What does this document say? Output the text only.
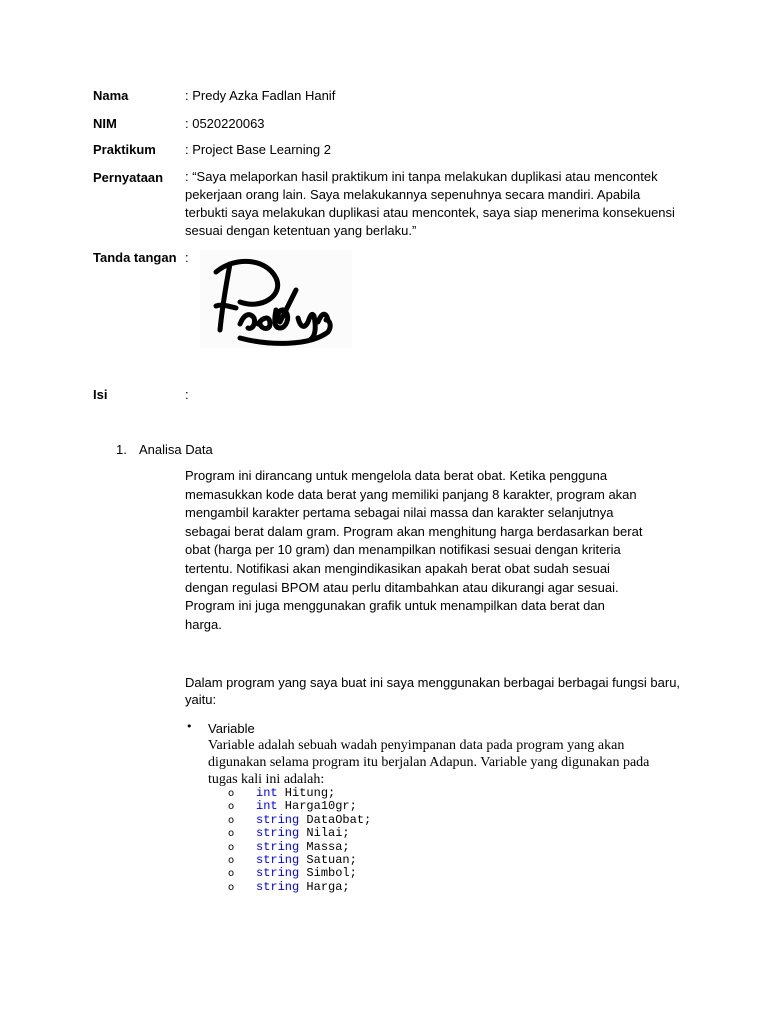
Nama	: Predy Azka Fadlan Hanif
NIM	: 0520220063
Praktikum : Project Base Learning 2
Pernyataan : “Saya melaporkan hasil praktikum ini tanpa melakukan duplikasi atau mencontek
pekerjaan orang lain. Saya melakukannya sepenuhnya secara mandiri. Apabila
terbukti saya melakukan duplikasi atau mencontek, saya siap menerima konsekuensi
sesuai dengan ketentuan yang berlaku.”
Tanda tangan :
Isi	:
1. Analisa Data
Program ini dirancang untuk mengelola data berat obat. Ketika pengguna
memasukkan kode data berat yang memiliki panjang 8 karakter, program akan
mengambil karakter pertama sebagai nilai massa dan karakter selanjutnya
sebagai berat dalam gram. Program akan menghitung harga berdasarkan berat
obat (harga per 10 gram) dan menampilkan notifikasi sesuai dengan kriteria
tertentu. Notifikasi akan mengindikasikan apakah berat obat sudah sesuai
dengan regulasi BPOM atau perlu ditambahkan atau dikurangi agar sesuai.
Program ini juga menggunakan grafik untuk menampilkan data berat dan
harga.
Dalam program yang saya buat ini saya menggunakan berbagai berbagai fungsi baru,
yaitu:
• Variable
Variable adalah sebuah wadah penyimpanan data pada program yang akan
digunakan selama program itu berjalan Adapun. Variable yang digunakan pada
tugas kali ini adalah:
o int Hitung;
o int Harga10gr;
o string DataObat;
o string Nilai;
o string Massa;
o string Satuan;
o string Simbol;
o string Harga;
